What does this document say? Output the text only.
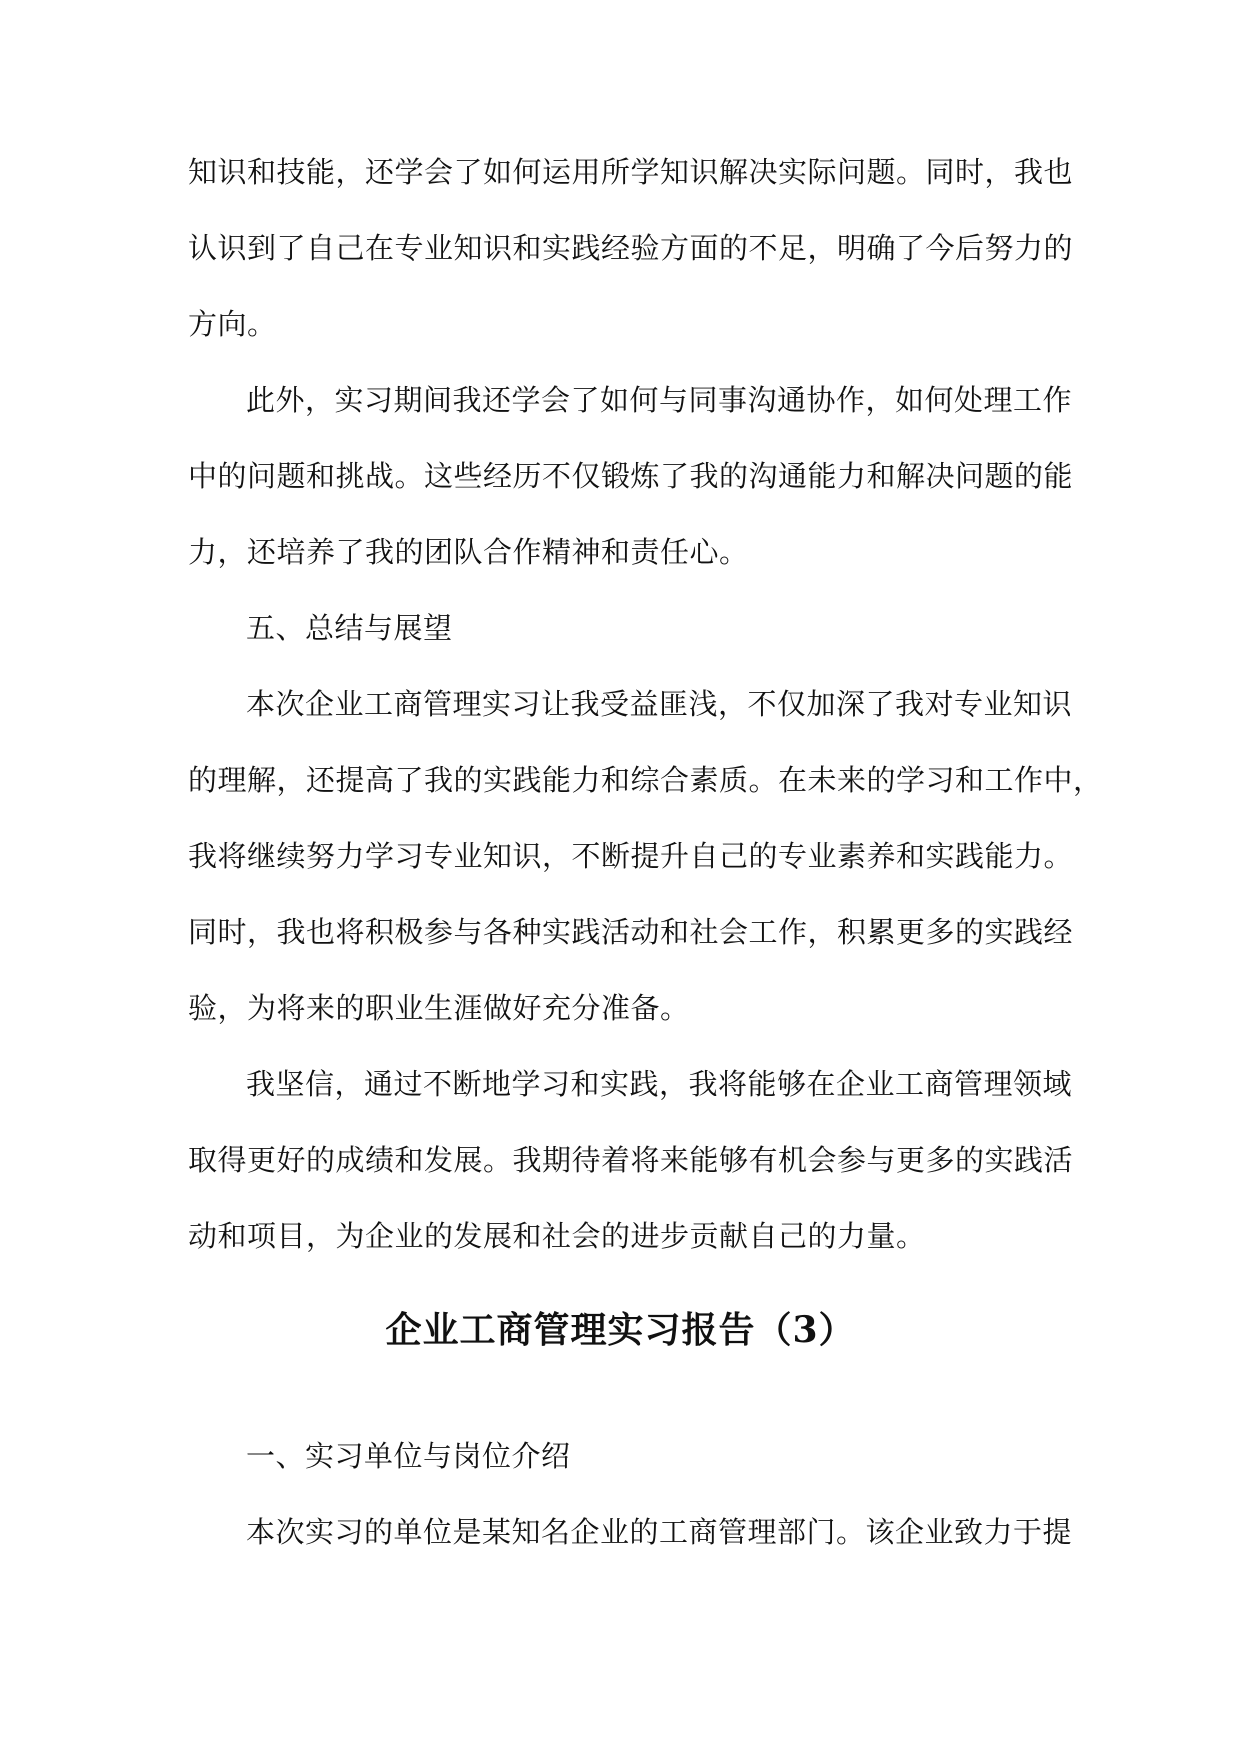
知识和技能，还学会了如何运用所学知识解决实际问题。同时，我也
认识到了自己在专业知识和实践经验方面的不足，明确了今后努力的
方向。
此外，实习期间我还学会了如何与同事沟通协作，如何处理工作
中的问题和挑战。这些经历不仅锻炼了我的沟通能力和解决问题的能
力，还培养了我的团队合作精神和责任心。
五、总结与展望
本次企业工商管理实习让我受益匪浅，不仅加深了我对专业知识
的理解，还提高了我的实践能力和综合素质。在未来的学习和工作中，
我将继续努力学习专业知识，不断提升自己的专业素养和实践能力。
同时，我也将积极参与各种实践活动和社会工作，积累更多的实践经
验，为将来的职业生涯做好充分准备。
我坚信，通过不断地学习和实践，我将能够在企业工商管理领域
取得更好的成绩和发展。我期待着将来能够有机会参与更多的实践活
动和项目，为企业的发展和社会的进步贡献自己的力量。
企业工商管理实习报告（3）
一、实习单位与岗位介绍
本次实习的单位是某知名企业的工商管理部门。该企业致力于提
